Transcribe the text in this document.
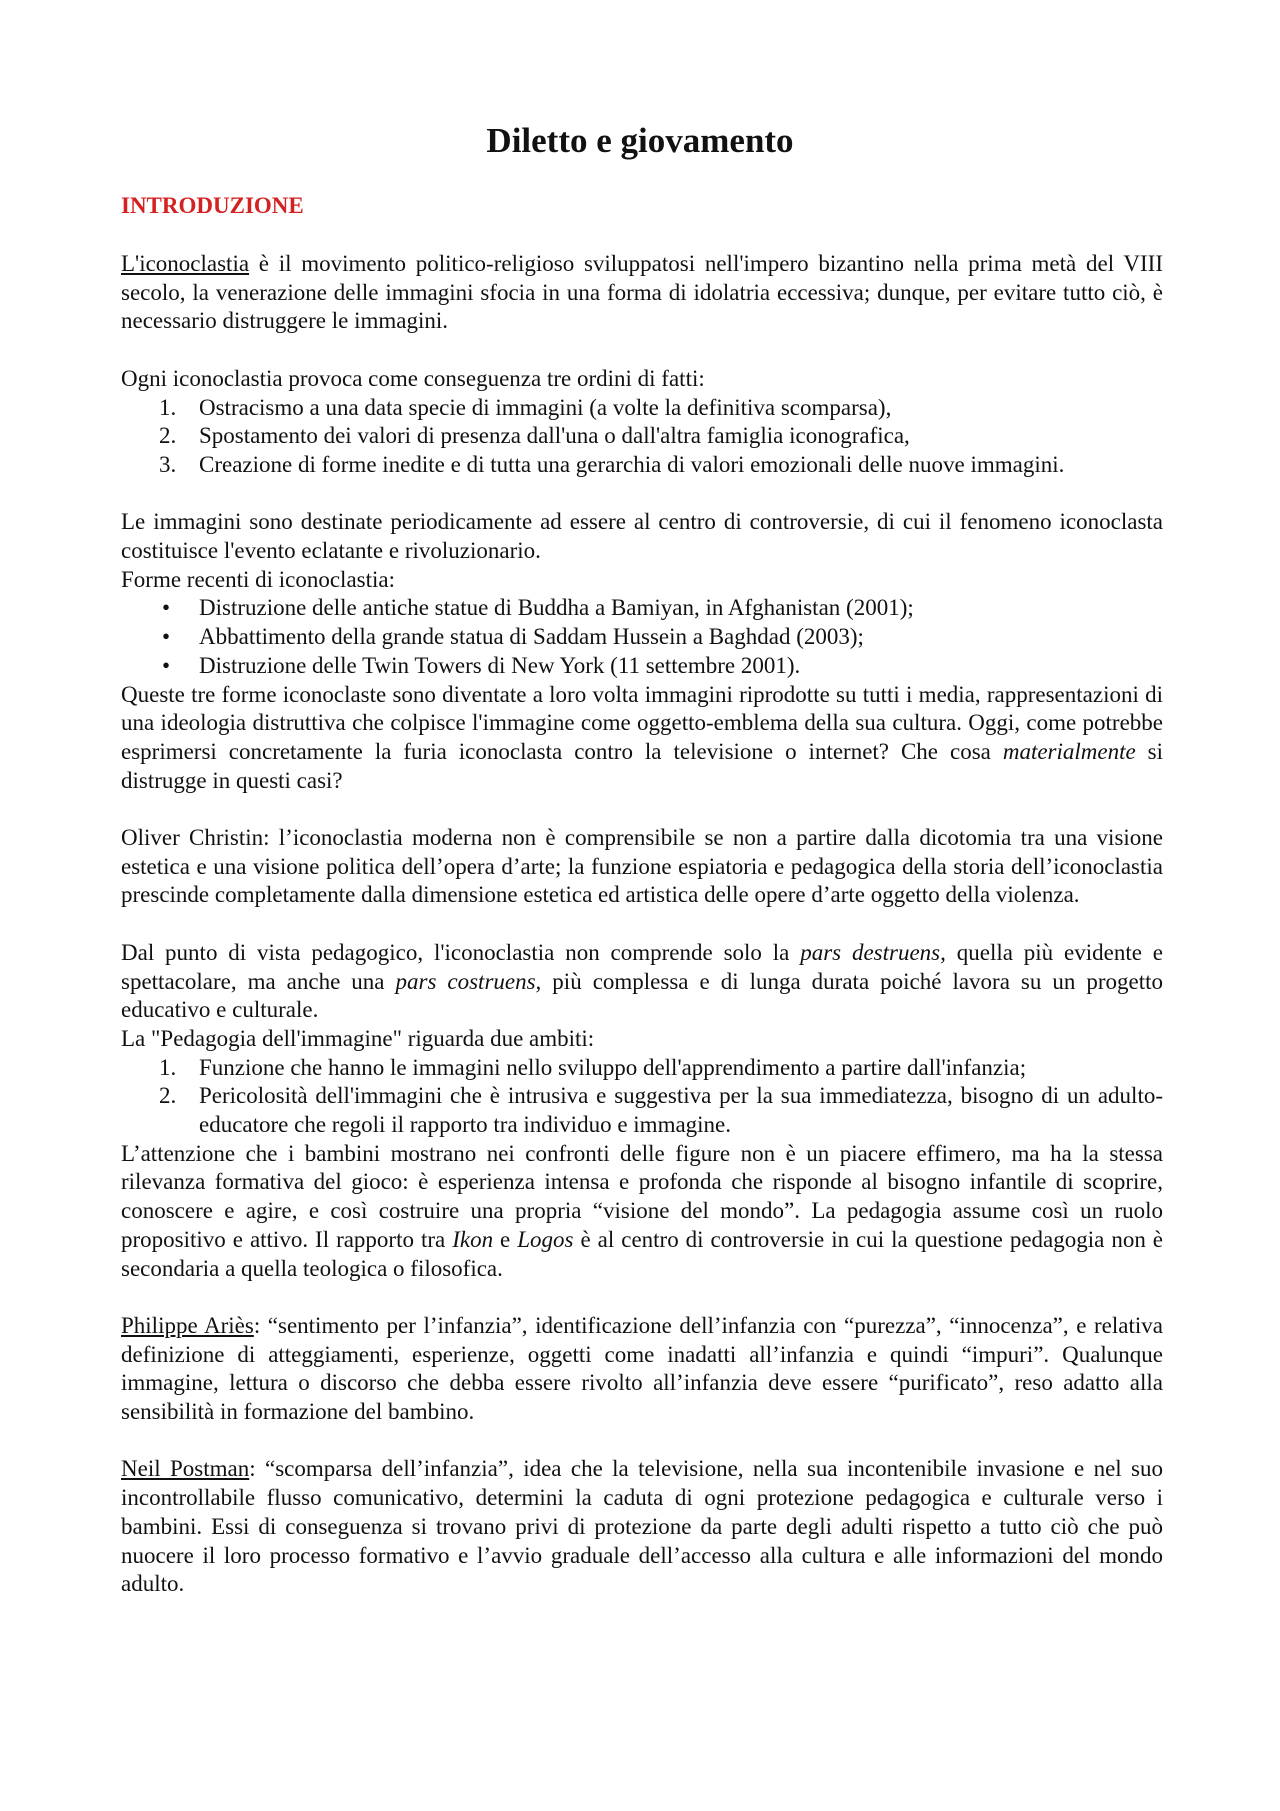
Diletto e giovamento
INTRODUZIONE

L'iconoclastia è il movimento politico-religioso sviluppatosi nell'impero bizantino nella prima metà del VIII secolo, la venerazione delle immagini sfocia in una forma di idolatria eccessiva; dunque, per evitare tutto ciò, è necessario distruggere le immagini.

Ogni iconoclastia provoca come conseguenza tre ordini di fatti:

1. Ostracismo a una data specie di immagini (a volte la definitiva scomparsa),
2. Spostamento dei valori di presenza dall'una o dall'altra famiglia iconografica,
3. Creazione di forme inedite e di tutta una gerarchia di valori emozionali delle nuove immagini.

Le immagini sono destinate periodicamente ad essere al centro di controversie, di cui il fenomeno iconoclasta costituisce l'evento eclatante e rivoluzionario.

Forme recenti di iconoclastia:

•	Distruzione delle antiche statue di Buddha a Bamiyan, in Afghanistan (2001);
•	Abbattimento della grande statua di Saddam Hussein a Baghdad (2003);
•	Distruzione delle Twin Towers di New York (11 settembre 2001).

Queste tre forme iconoclaste sono diventate a loro volta immagini riprodotte su tutti i media, rappresentazioni di una ideologia distruttiva che colpisce l'immagine come oggetto-emblema della sua cultura. Oggi, come potrebbe esprimersi concretamente la furia iconoclasta contro la televisione o internet? Che cosa materialmente si distrugge in questi casi?

Oliver Christin: l’iconoclastia moderna non è comprensibile se non a partire dalla dicotomia tra una visione estetica e una visione politica dell’opera d’arte; la funzione espiatoria e pedagogica della storia dell’iconoclastia prescinde completamente dalla dimensione estetica ed artistica delle opere d’arte oggetto della violenza.

Dal punto di vista pedagogico, l'iconoclastia non comprende solo la pars destruens, quella più evidente e spettacolare, ma anche una pars costruens, più complessa e di lunga durata poiché lavora su un progetto educativo e culturale.

La "Pedagogia dell'immagine" riguarda due ambiti:

1. Funzione che hanno le immagini nello sviluppo dell'apprendimento a partire dall'infanzia;
2. Pericolosità dell'immagini che è intrusiva e suggestiva per la sua immediatezza, bisogno di un adulto-educatore che regoli il rapporto tra individuo e immagine.

L’attenzione che i bambini mostrano nei confronti delle figure non è un piacere effimero, ma ha la stessa rilevanza formativa del gioco: è esperienza intensa e profonda che risponde al bisogno infantile di scoprire, conoscere e agire, e così costruire una propria “visione del mondo”. La pedagogia assume così un ruolo propositivo e attivo. Il rapporto tra Ikon e Logos è al centro di controversie in cui la questione pedagogia non è secondaria a quella teologica o filosofica.

Philippe Ariès: “sentimento per l’infanzia”, identificazione dell’infanzia con “purezza”, “innocenza”, e relativa definizione di atteggiamenti, esperienze, oggetti come inadatti all’infanzia e quindi “impuri”. Qualunque immagine, lettura o discorso che debba essere rivolto all’infanzia deve essere “purificato”, reso adatto alla sensibilità in formazione del bambino.

Neil Postman: “scomparsa dell’infanzia”, idea che la televisione, nella sua incontenibile invasione e nel suo incontrollabile flusso comunicativo, determini la caduta di ogni protezione pedagogica e culturale verso i bambini. Essi di conseguenza si trovano privi di protezione da parte degli adulti rispetto a tutto ciò che può nuocere il loro processo formativo e l’avvio graduale dell’accesso alla cultura e alle informazioni del mondo adulto.
